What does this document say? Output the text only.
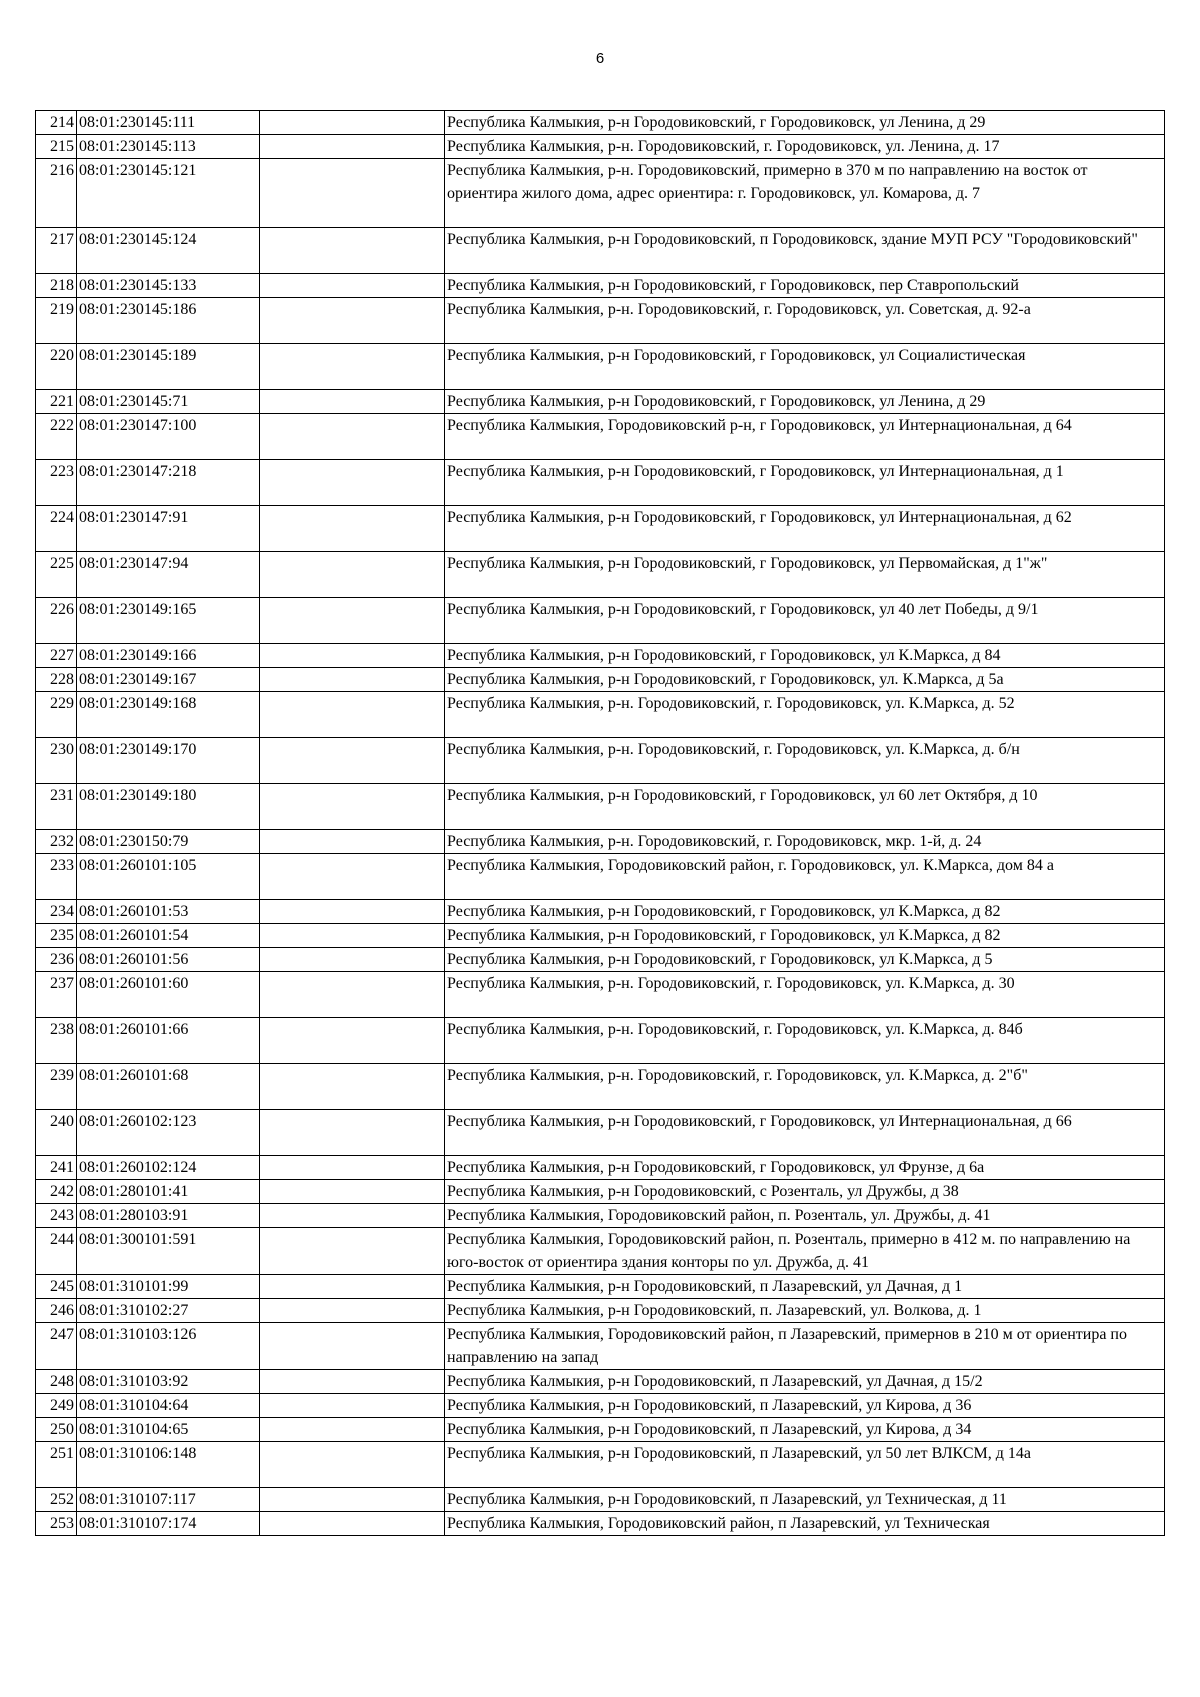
6
214	08:01:230145:111		Республика Калмыкия, р-н Городовиковский, г Городовиковск, ул Ленина, д 29
215	08:01:230145:113		Республика Калмыкия, р-н. Городовиковский, г. Городовиковск, ул. Ленина, д. 17
216	08:01:230145:121		Республика Калмыкия, р-н. Городовиковский, примерно в 370 м по направлению на восток от ориентира жилого дома, адрес ориентира: г. Городовиковск, ул. Комарова, д. 7
217	08:01:230145:124		Республика Калмыкия, р-н Городовиковский, п Городовиковск, здание МУП РСУ "Городовиковский"
218	08:01:230145:133		Республика Калмыкия, р-н Городовиковский, г Городовиковск, пер Ставропольский
219	08:01:230145:186		Республика Калмыкия, р-н. Городовиковский, г. Городовиковск, ул. Советская, д. 92-а
220	08:01:230145:189		Республика Калмыкия, р-н Городовиковский, г Городовиковск, ул Социалистическая
221	08:01:230145:71		Республика Калмыкия, р-н Городовиковский, г Городовиковск, ул Ленина, д 29
222	08:01:230147:100		Республика Калмыкия, Городовиковский р-н, г Городовиковск, ул Интернациональная, д 64
223	08:01:230147:218		Республика Калмыкия, р-н Городовиковский, г Городовиковск, ул Интернациональная, д 1
224	08:01:230147:91		Республика Калмыкия, р-н Городовиковский, г Городовиковск, ул Интернациональная, д 62
225	08:01:230147:94		Республика Калмыкия, р-н Городовиковский, г Городовиковск, ул Первомайская, д 1"ж"
226	08:01:230149:165		Республика Калмыкия, р-н Городовиковский, г Городовиковск, ул 40 лет Победы, д 9/1
227	08:01:230149:166		Республика Калмыкия, р-н Городовиковский, г Городовиковск, ул К.Маркса, д 84
228	08:01:230149:167		Республика Калмыкия, р-н Городовиковский, г Городовиковск, ул. К.Маркса, д 5а
229	08:01:230149:168		Республика Калмыкия, р-н. Городовиковский, г. Городовиковск, ул. К.Маркса, д. 52
230	08:01:230149:170		Республика Калмыкия, р-н. Городовиковский, г. Городовиковск, ул. К.Маркса, д. б/н
231	08:01:230149:180		Республика Калмыкия, р-н Городовиковский, г Городовиковск, ул 60 лет Октября, д 10
232	08:01:230150:79		Республика Калмыкия, р-н. Городовиковский, г. Городовиковск, мкр. 1-й, д. 24
233	08:01:260101:105		Республика Калмыкия, Городовиковский район, г. Городовиковск, ул. К.Маркса, дом 84 а
234	08:01:260101:53		Республика Калмыкия, р-н Городовиковский, г Городовиковск, ул К.Маркса, д 82
235	08:01:260101:54		Республика Калмыкия, р-н Городовиковский, г Городовиковск, ул К.Маркса, д 82
236	08:01:260101:56		Республика Калмыкия, р-н Городовиковский, г Городовиковск, ул К.Маркса, д 5
237	08:01:260101:60		Республика Калмыкия, р-н. Городовиковский, г. Городовиковск, ул. К.Маркса, д. 30
238	08:01:260101:66		Республика Калмыкия, р-н. Городовиковский, г. Городовиковск, ул. К.Маркса, д. 84б
239	08:01:260101:68		Республика Калмыкия, р-н. Городовиковский, г. Городовиковск, ул. К.Маркса, д. 2"б"
240	08:01:260102:123		Республика Калмыкия, р-н Городовиковский, г Городовиковск, ул Интернациональная, д 66
241	08:01:260102:124		Республика Калмыкия, р-н Городовиковский, г Городовиковск, ул Фрунзе, д 6а
242	08:01:280101:41		Республика Калмыкия, р-н Городовиковский, с Розенталь, ул Дружбы, д 38
243	08:01:280103:91		Республика Калмыкия, Городовиковский район, п. Розенталь, ул. Дружбы, д. 41
244	08:01:300101:591		Республика Калмыкия, Городовиковский район, п. Розенталь, примерно в 412 м. по направлению на юго-восток от ориентира здания конторы по ул. Дружба, д. 41
245	08:01:310101:99		Республика Калмыкия, р-н Городовиковский, п Лазаревский, ул Дачная, д 1
246	08:01:310102:27		Республика Калмыкия, р-н Городовиковский, п. Лазаревский, ул. Волкова, д. 1
247	08:01:310103:126		Республика Калмыкия, Городовиковский район, п Лазаревский, примернов в 210 м от ориентира по направлению на запад
248	08:01:310103:92		Республика Калмыкия, р-н Городовиковский, п Лазаревский, ул Дачная, д 15/2
249	08:01:310104:64		Республика Калмыкия, р-н Городовиковский, п Лазаревский, ул Кирова, д 36
250	08:01:310104:65		Республика Калмыкия, р-н Городовиковский, п Лазаревский, ул Кирова, д 34
251	08:01:310106:148		Республика Калмыкия, р-н Городовиковский, п Лазаревский, ул 50 лет ВЛКСМ, д 14а
252	08:01:310107:117		Республика Калмыкия, р-н Городовиковский, п Лазаревский, ул Техническая, д 11
253	08:01:310107:174		Республика Калмыкия, Городовиковский район, п Лазаревский, ул Техническая
